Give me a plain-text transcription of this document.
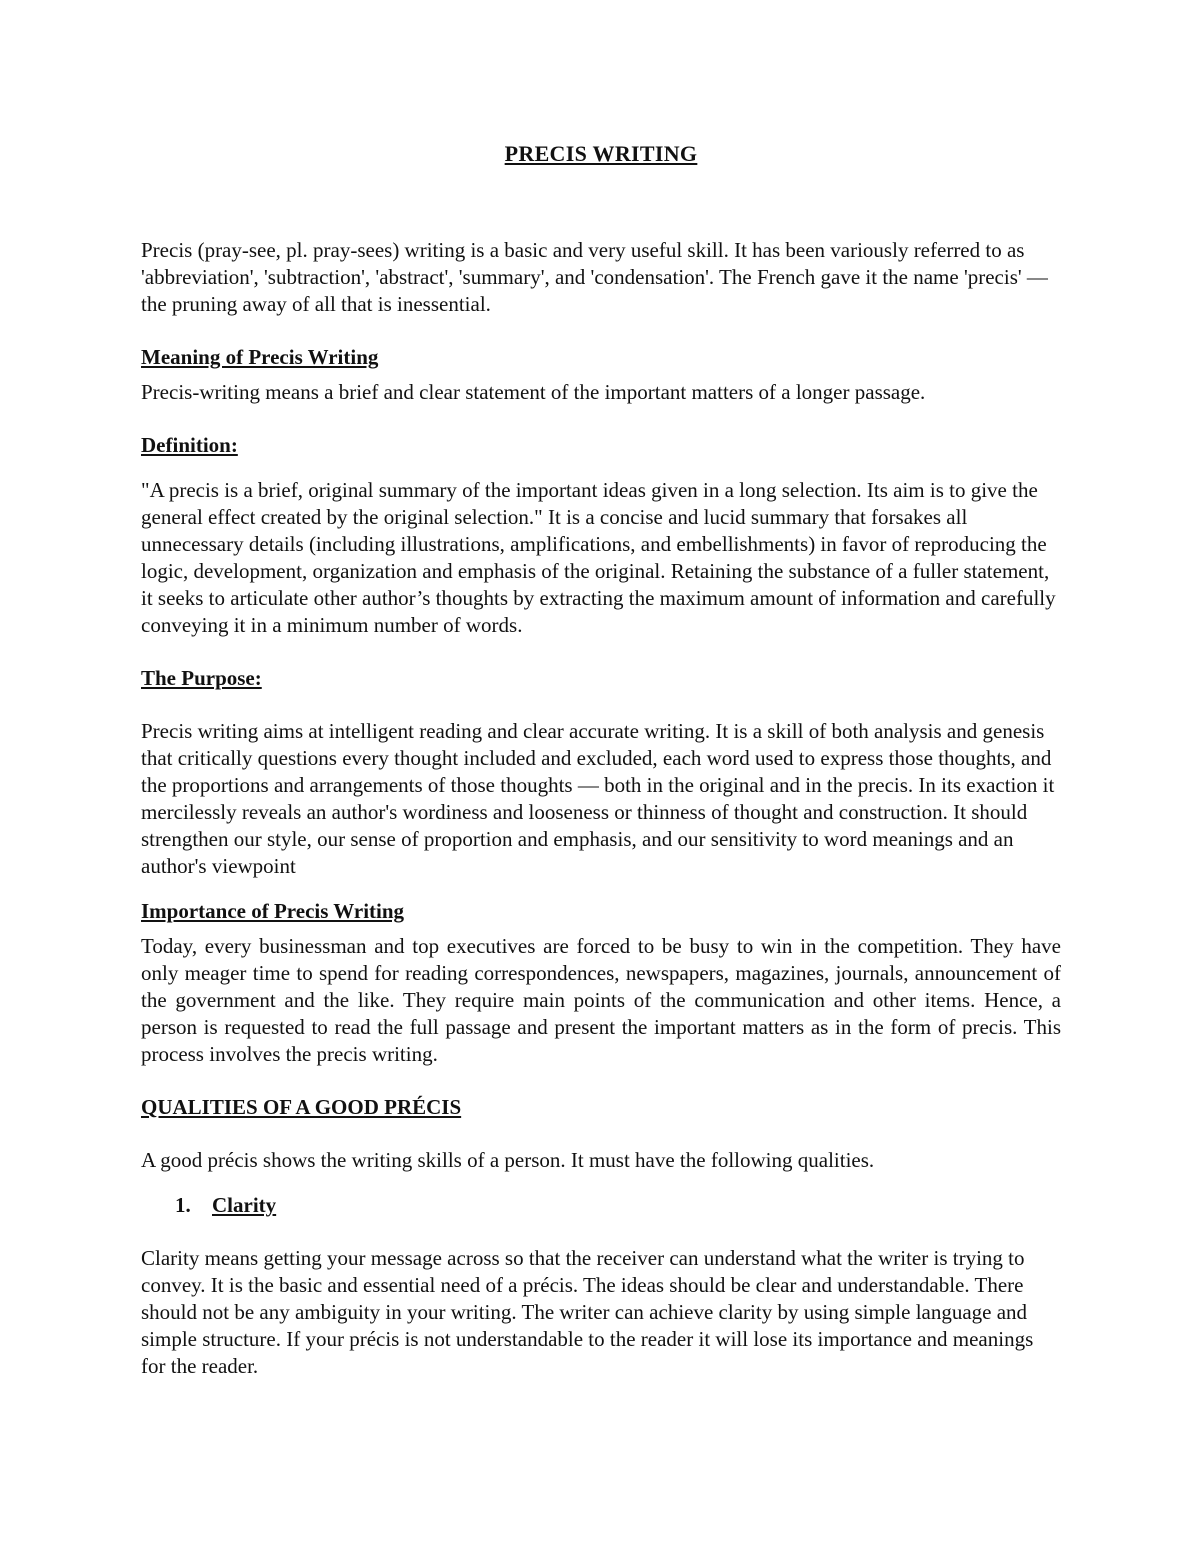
PRECIS WRITING

Precis (pray-see, pl. pray-sees) writing is a basic and very useful skill. It has been variously referred to as 'abbreviation', 'subtraction', 'abstract', 'summary', and 'condensation'. The French gave it the name 'precis' — the pruning away of all that is inessential.

Meaning of Precis Writing

Precis-writing means a brief and clear statement of the important matters of a longer passage.

Definition:

"A precis is a brief, original summary of the important ideas given in a long selection. Its aim is to give the general effect created by the original selection." It is a concise and lucid summary that forsakes all unnecessary details (including illustrations, amplifications, and embellishments) in favor of reproducing the logic, development, organization and emphasis of the original. Retaining the substance of a fuller statement, it seeks to articulate other author’s thoughts by extracting the maximum amount of information and carefully conveying it in a minimum number of words.

The Purpose:

Precis writing aims at intelligent reading and clear accurate writing. It is a skill of both analysis and genesis that critically questions every thought included and excluded, each word used to express those thoughts, and the proportions and arrangements of those thoughts — both in the original and in the precis. In its exaction it mercilessly reveals an author's wordiness and looseness or thinness of thought and construction. It should strengthen our style, our sense of proportion and emphasis, and our sensitivity to word meanings and an author's viewpoint

Importance of Precis Writing

Today, every businessman and top executives are forced to be busy to win in the competition. They have only meager time to spend for reading correspondences, newspapers, magazines, journals, announcement of the government and the like. They require main points of the communication and other items. Hence, a person is requested to read the full passage and present the important matters as in the form of precis. This process involves the precis writing.

QUALITIES OF A GOOD PRÉCIS

A good précis shows the writing skills of a person. It must have the following qualities.

1.	Clarity

Clarity means getting your message across so that the receiver can understand what the writer is trying to convey. It is the basic and essential need of a précis. The ideas should be clear and understandable. There should not be any ambiguity in your writing. The writer can achieve clarity by using simple language and simple structure. If your précis is not understandable to the reader it will lose its importance and meanings for the reader.
